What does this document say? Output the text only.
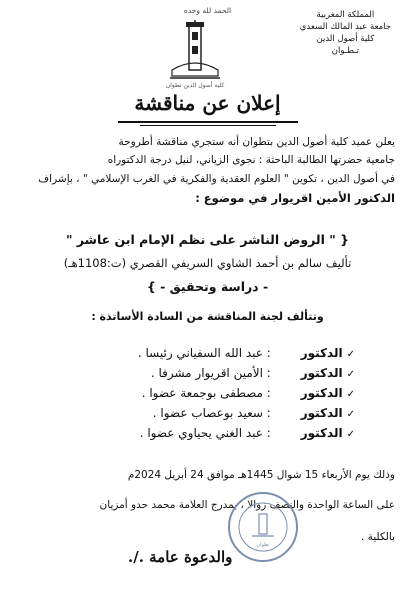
الحمد لله وحده	المملكة المغربية
جامعة عبد المالك السعدي
كلية أصول الدين
تـطـوان
كلية أصول الدين تطوان
إعلان عن مناقشة
يعلن عميد كلية أصول الدين بتطوان أنه ستجري مناقشة أطروحة
جامعية حضرتها الطالبة الباحثة : نجوى الزياني، لنيل درجة الدكتوراه
في أصول الدين ، تكوين " العلوم العقدية والفكرية في الغرب الإسلامي " ، بإشراف
الدكتور الأمين اقريوار في موضوع :
{ " الروض الناشر على نظم الإمام ابن عاشر "
تأليف سالم بن أحمد الشاوي السريفي القصري (ت:1108هـ)
- دراسة وتحقيق - }
وتتألف لجنة المناقشة من السادة الأساتذة :
✓الدكتور : عبد الله السفياني رئيسا .
✓الدكتور : الأمين اقريوار مشرفا .
✓الدكتور : مصطفى بوجمعة عضوا .
✓الدكتور : سعيد بوعصاب عضوا .
✓الدكتور : عبد الغني يحياوي عضوا .
وذلك يوم الأربعاء 15 شوال 1445هـ موافق 24 أبريل 2024م
على الساعة الواحدة والنصف زوالا ، بمدرج العلامة محمد حدو أمزيان
بالكلية .
تطوان
والدعوة عامة ./.
